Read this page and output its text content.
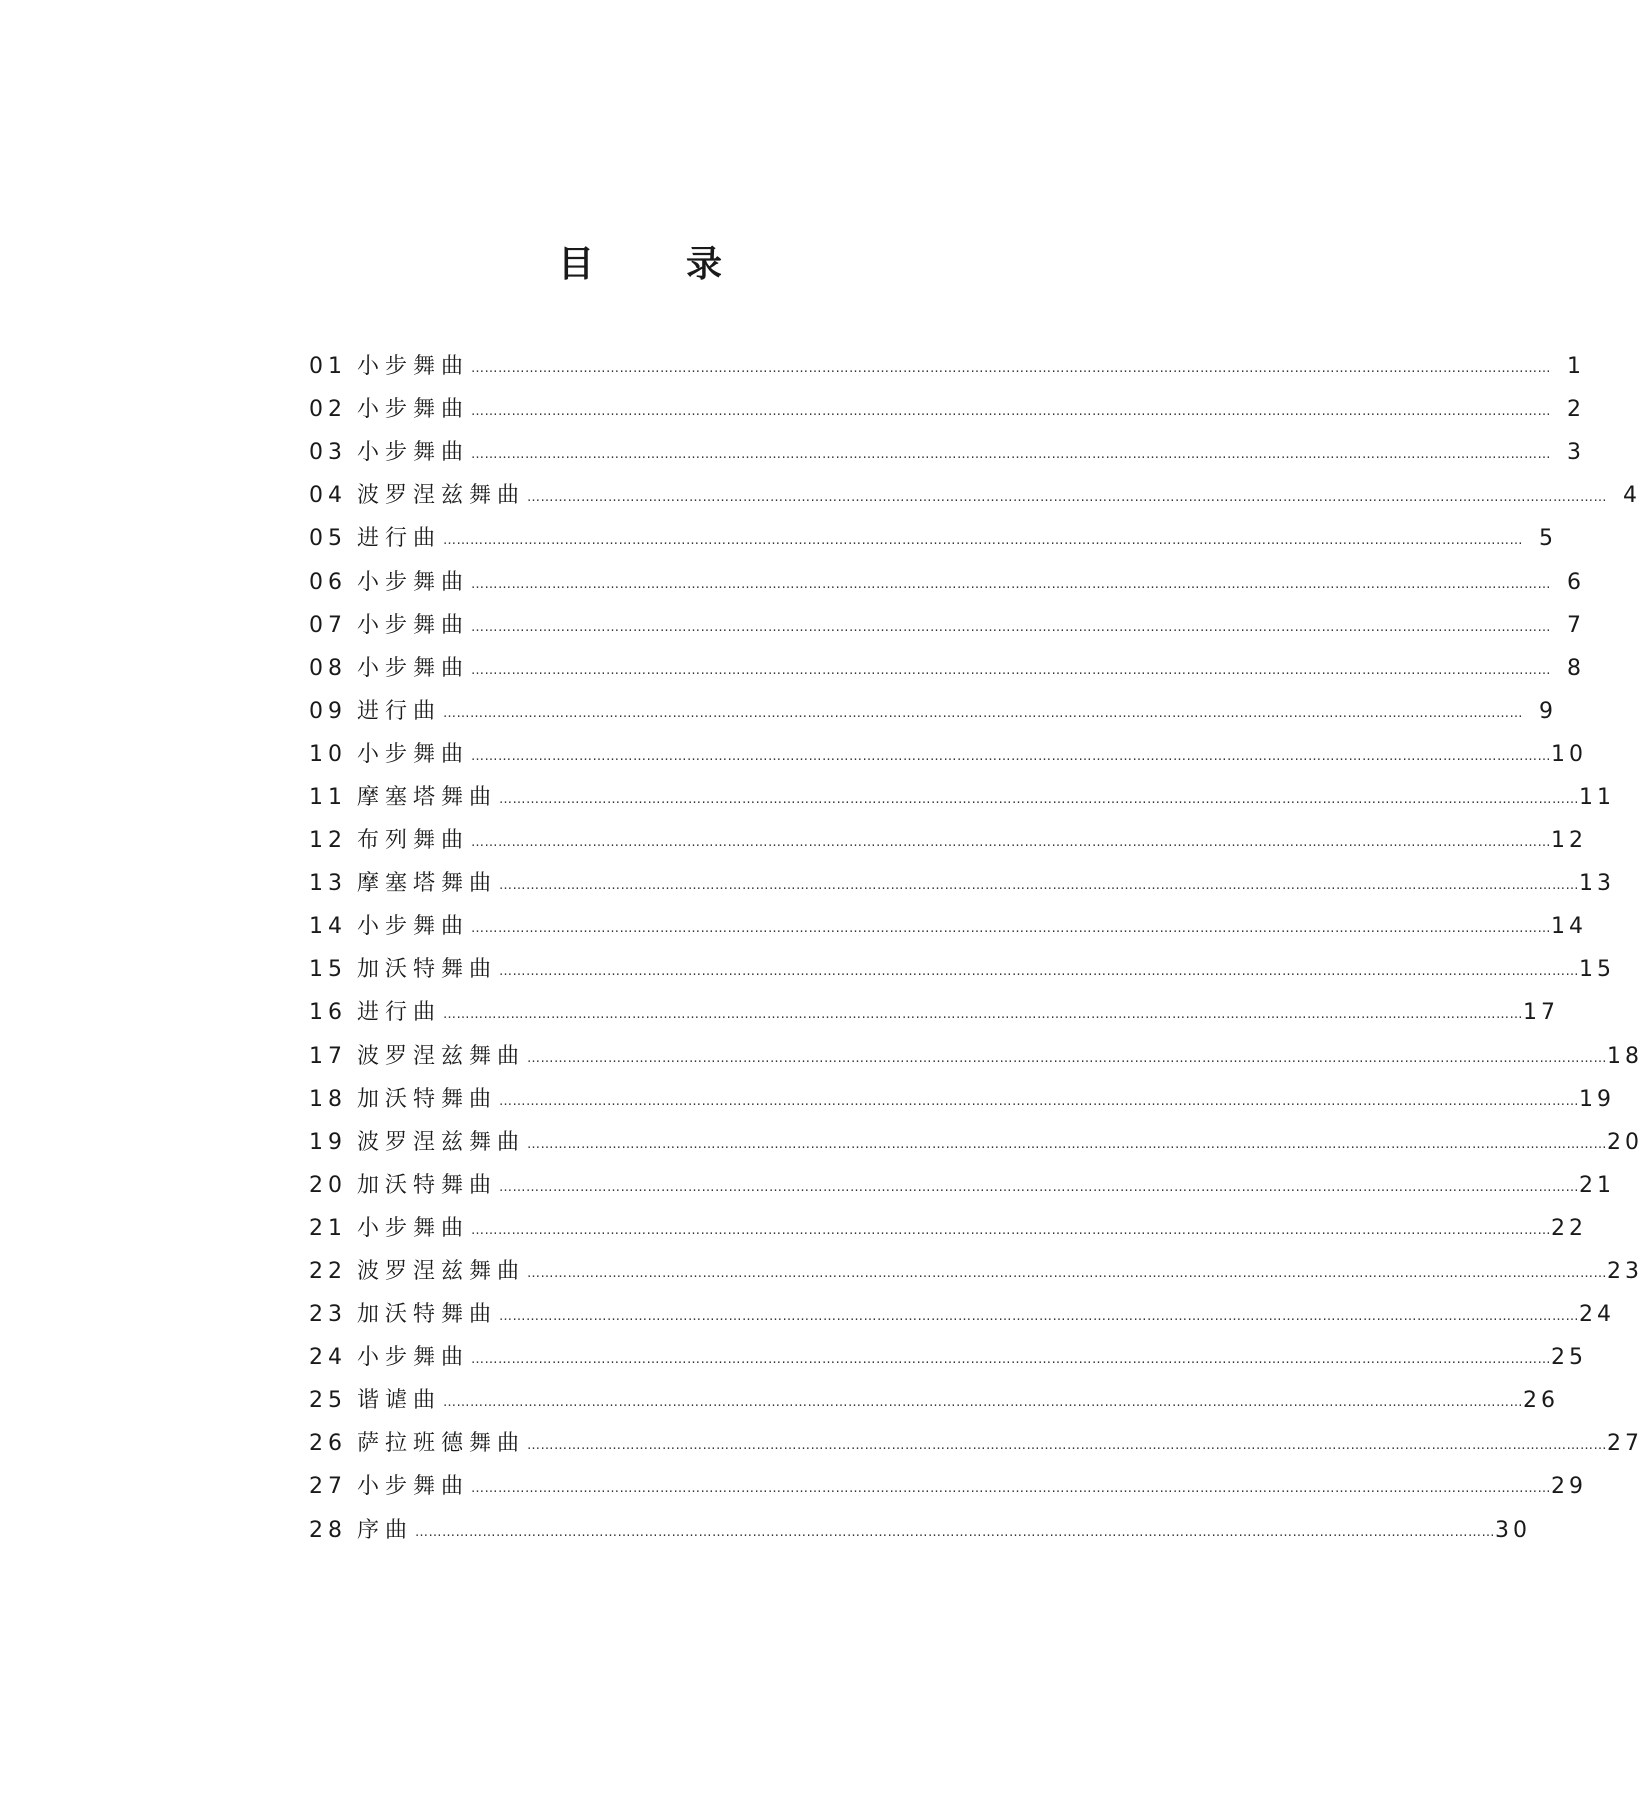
目	录
01 小步舞曲 …………………………………………………………………………………………………………………………………………………………………………………………………………………… 1
02 小步舞曲 …………………………………………………………………………………………………………………………………………………………………………………………………………………… 2
03 小步舞曲 …………………………………………………………………………………………………………………………………………………………………………………………………………………… 3
04 波罗涅兹舞曲 …………………………………………………………………………………………………………………………………………………………………………………………………………………… 4
05 进行曲 …………………………………………………………………………………………………………………………………………………………………………………………………………………… 5
06 小步舞曲 …………………………………………………………………………………………………………………………………………………………………………………………………………………… 6
07 小步舞曲 …………………………………………………………………………………………………………………………………………………………………………………………………………………… 7
08 小步舞曲 …………………………………………………………………………………………………………………………………………………………………………………………………………………… 8
09 进行曲 …………………………………………………………………………………………………………………………………………………………………………………………………………………… 9
10 小步舞曲 …………………………………………………………………………………………………………………………………………………………………………………………………………………… 10
11 摩塞塔舞曲 …………………………………………………………………………………………………………………………………………………………………………………………………………………… 11
12 布列舞曲 …………………………………………………………………………………………………………………………………………………………………………………………………………………… 12
13 摩塞塔舞曲 …………………………………………………………………………………………………………………………………………………………………………………………………………………… 13
14 小步舞曲 …………………………………………………………………………………………………………………………………………………………………………………………………………………… 14
15 加沃特舞曲 …………………………………………………………………………………………………………………………………………………………………………………………………………………… 15
16 进行曲 …………………………………………………………………………………………………………………………………………………………………………………………………………………… 17
17 波罗涅兹舞曲 …………………………………………………………………………………………………………………………………………………………………………………………………………………… 18
18 加沃特舞曲 …………………………………………………………………………………………………………………………………………………………………………………………………………………… 19
19 波罗涅兹舞曲 …………………………………………………………………………………………………………………………………………………………………………………………………………………… 20
20 加沃特舞曲 …………………………………………………………………………………………………………………………………………………………………………………………………………………… 21
21 小步舞曲 …………………………………………………………………………………………………………………………………………………………………………………………………………………… 22
22 波罗涅兹舞曲 …………………………………………………………………………………………………………………………………………………………………………………………………………………… 23
23 加沃特舞曲 …………………………………………………………………………………………………………………………………………………………………………………………………………………… 24
24 小步舞曲 …………………………………………………………………………………………………………………………………………………………………………………………………………………… 25
25 谐谑曲 …………………………………………………………………………………………………………………………………………………………………………………………………………………… 26
26 萨拉班德舞曲 …………………………………………………………………………………………………………………………………………………………………………………………………………………… 27
27 小步舞曲 …………………………………………………………………………………………………………………………………………………………………………………………………………………… 29
28 序曲 …………………………………………………………………………………………………………………………………………………………………………………………………………………… 30
